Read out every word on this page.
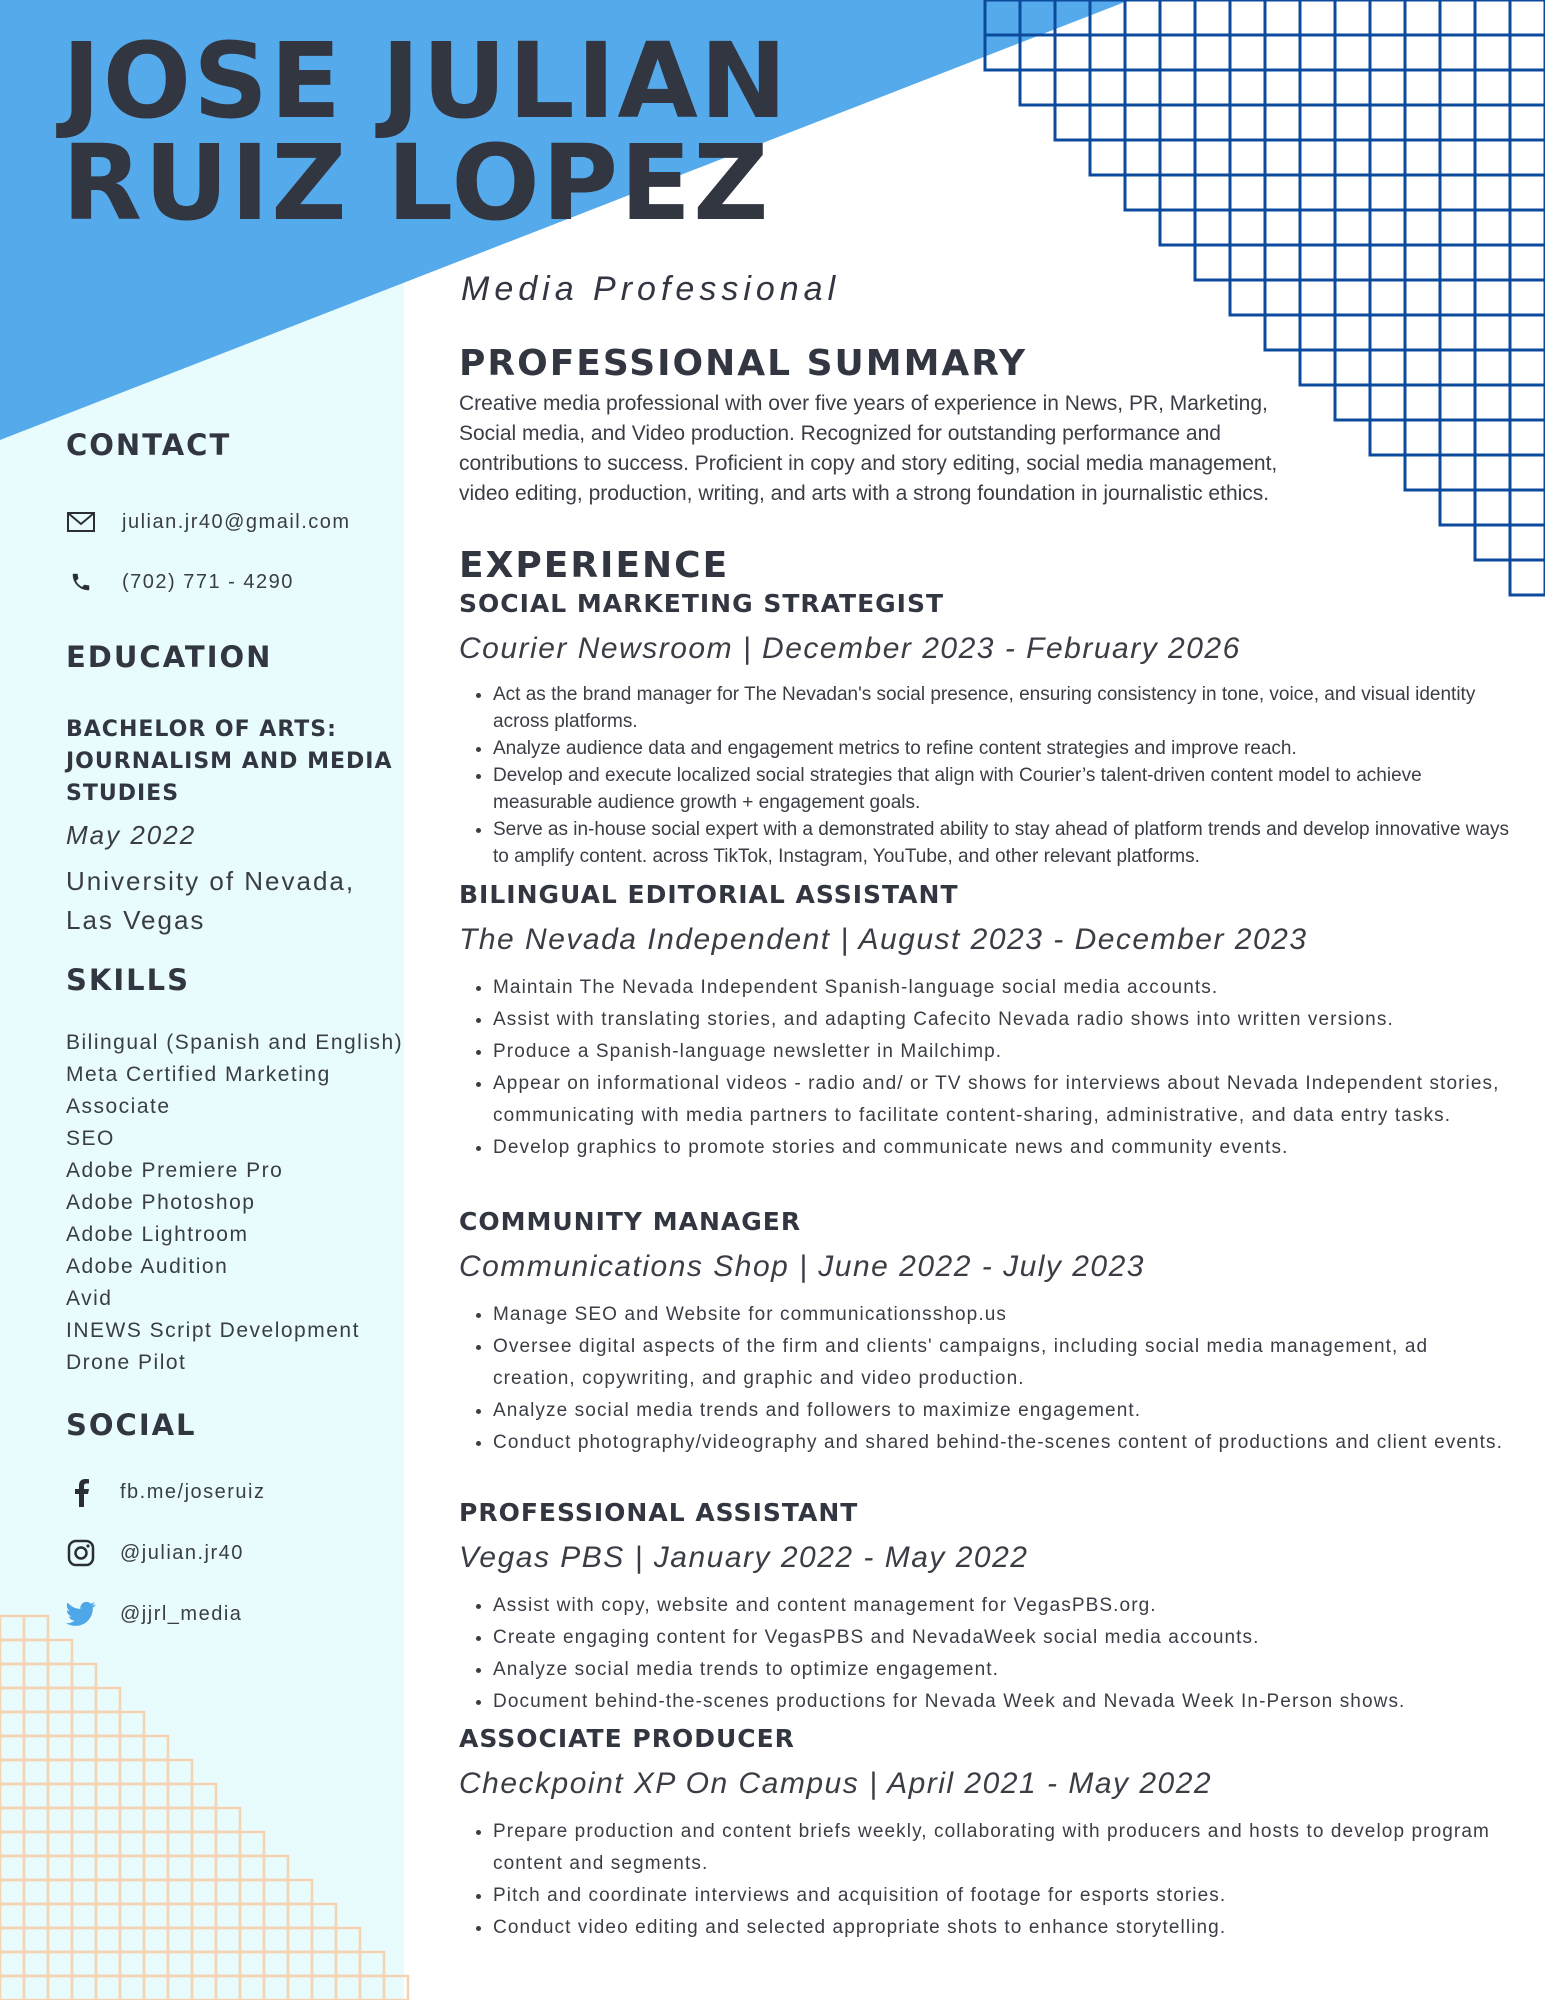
JOSE JULIAN
RUIZ LOPEZ
Media Professional
CONTACT
julian.jr40@gmail.com
(702) 771 - 4290
EDUCATION
BACHELOR OF ARTS: JOURNALISM AND MEDIA STUDIES
May 2022
University of Nevada, Las Vegas
SKILLS
Bilingual (Spanish and English)
Meta Certified Marketing
Associate
SEO
Adobe Premiere Pro
Adobe Photoshop
Adobe Lightroom
Adobe Audition
Avid
INEWS Script Development
Drone Pilot
SOCIAL
fb.me/joseruiz
@julian.jr40
@jjrl_media
PROFESSIONAL SUMMARY

Creative media professional with over five years of experience in News, PR, Marketing, Social media, and Video production. Recognized for outstanding performance and contributions to success. Proficient in copy and story editing, social media management, video editing, production, writing, and arts with a strong foundation in journalistic ethics.

EXPERIENCE
SOCIAL MARKETING STRATEGIST
Courier Newsroom | December 2023 - February 2026
• Act as the brand manager for The Nevadan's social presence, ensuring consistency in tone, voice, and visual identity across platforms.
• Analyze audience data and engagement metrics to refine content strategies and improve reach.
• Develop and execute localized social strategies that align with Courier’s talent-driven content model to achieve measurable audience growth + engagement goals.
• Serve as in-house social expert with a demonstrated ability to stay ahead of platform trends and develop innovative ways to amplify content. across TikTok, Instagram, YouTube, and other relevant platforms.
BILINGUAL EDITORIAL ASSISTANT
The Nevada Independent | August 2023 - December 2023
• Maintain The Nevada Independent Spanish-language social media accounts.
• Assist with translating stories, and adapting Cafecito Nevada radio shows into written versions.
• Produce a Spanish-language newsletter in Mailchimp.
• Appear on informational videos - radio and/ or TV shows for interviews about Nevada Independent stories, communicating with media partners to facilitate content-sharing, administrative, and data entry tasks.
• Develop graphics to promote stories and communicate news and community events.
COMMUNITY MANAGER
Communications Shop | June 2022 - July 2023
• Manage SEO and Website for communicationsshop.us
• Oversee digital aspects of the firm and clients' campaigns, including social media management, ad creation, copywriting, and graphic and video production.
• Analyze social media trends and followers to maximize engagement.
• Conduct photography/videography and shared behind-the-scenes content of productions and client events.
PROFESSIONAL ASSISTANT
Vegas PBS | January 2022 - May 2022
• Assist with copy, website and content management for VegasPBS.org.
• Create engaging content for VegasPBS and NevadaWeek social media accounts.
• Analyze social media trends to optimize engagement.
• Document behind-the-scenes productions for Nevada Week and Nevada Week In-Person shows.
ASSOCIATE PRODUCER
Checkpoint XP On Campus | April 2021 - May 2022
• Prepare production and content briefs weekly, collaborating with producers and hosts to develop program content and segments.
• Pitch and coordinate interviews and acquisition of footage for esports stories.
• Conduct video editing and selected appropriate shots to enhance storytelling.
